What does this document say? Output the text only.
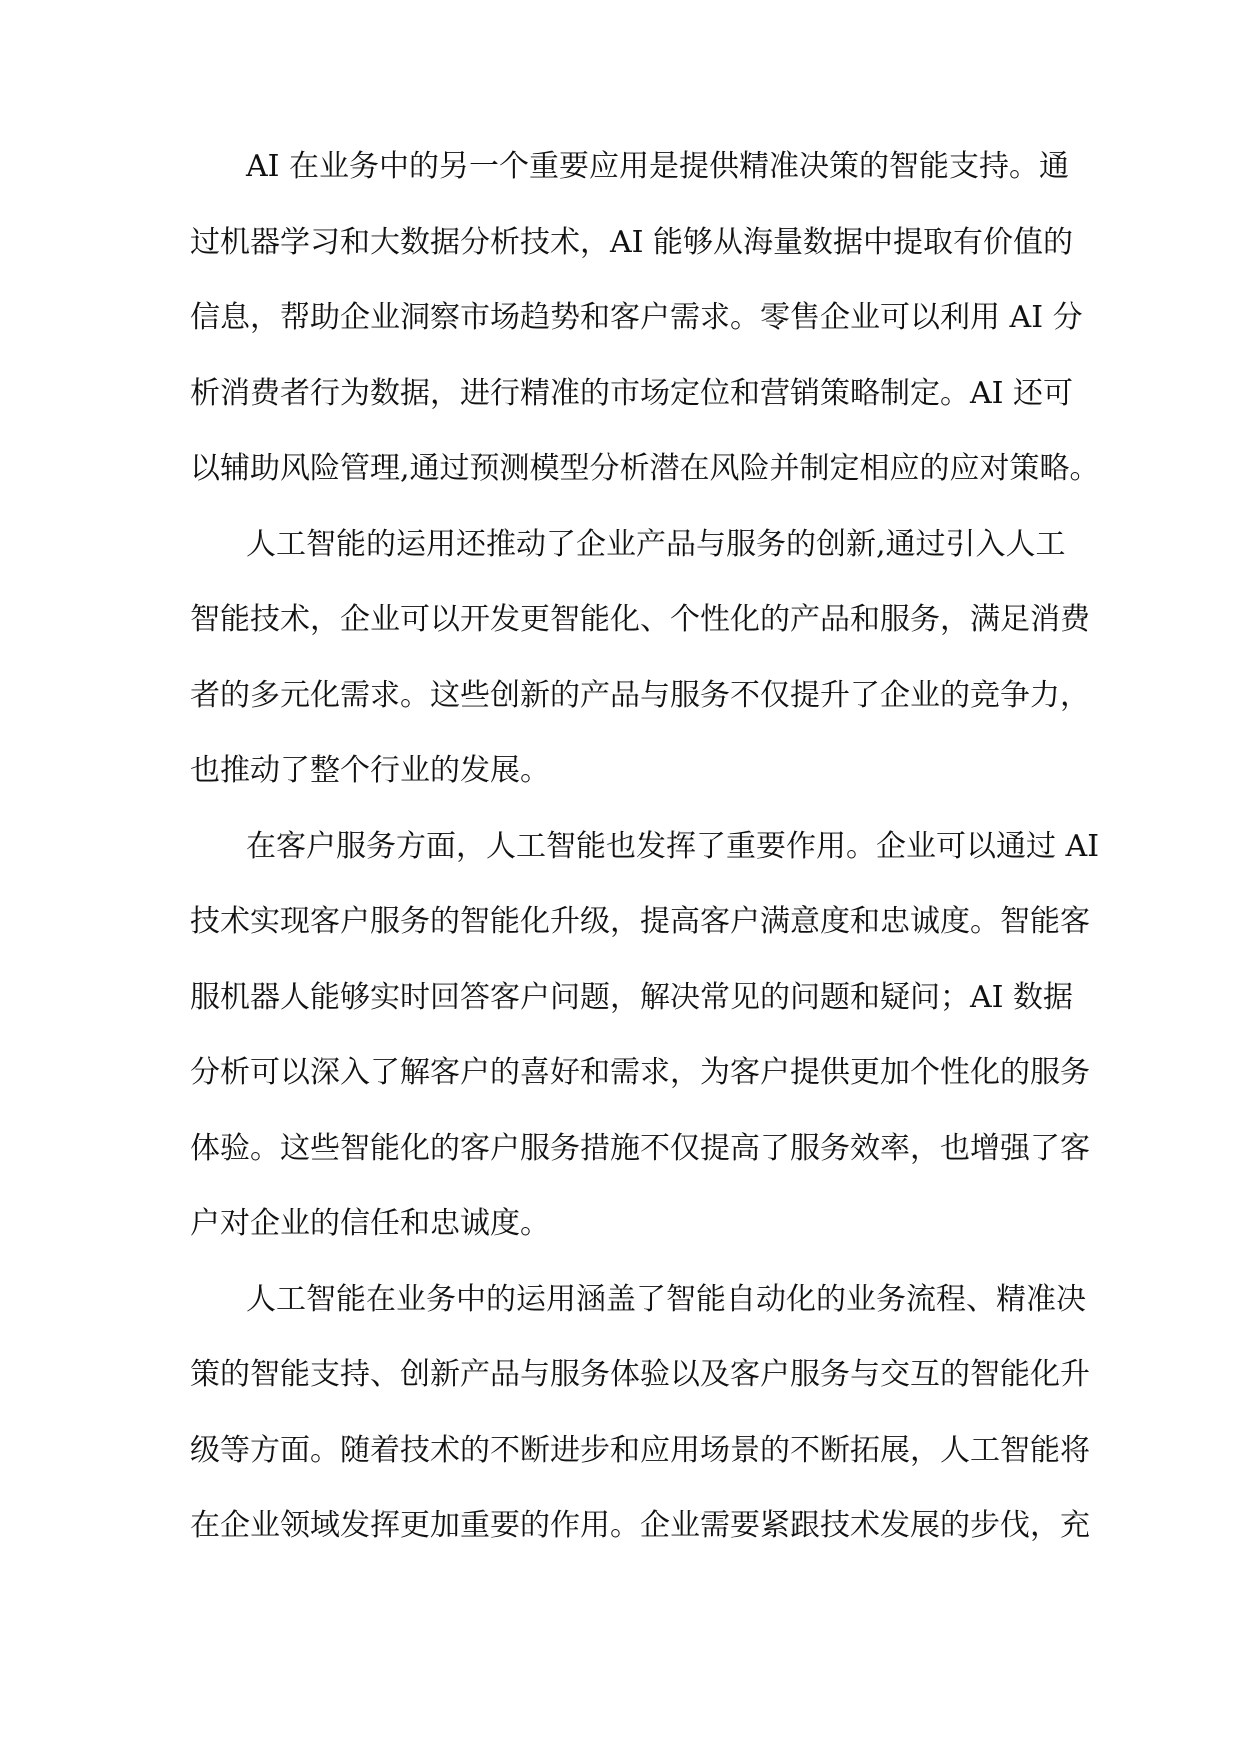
AI 在业务中的另一个重要应用是提供精准决策的智能支持。通
过机器学习和大数据分析技术，AI 能够从海量数据中提取有价值的
信息，帮助企业洞察市场趋势和客户需求。零售企业可以利用 AI 分
析消费者行为数据，进行精准的市场定位和营销策略制定。AI 还可
以辅助风险管理,通过预测模型分析潜在风险并制定相应的应对策略。
人工智能的运用还推动了企业产品与服务的创新,通过引入人工
智能技术，企业可以开发更智能化、个性化的产品和服务，满足消费
者的多元化需求。这些创新的产品与服务不仅提升了企业的竞争力，
也推动了整个行业的发展。
在客户服务方面，人工智能也发挥了重要作用。企业可以通过 AI
技术实现客户服务的智能化升级，提高客户满意度和忠诚度。智能客
服机器人能够实时回答客户问题，解决常见的问题和疑问；AI 数据
分析可以深入了解客户的喜好和需求，为客户提供更加个性化的服务
体验。这些智能化的客户服务措施不仅提高了服务效率，也增强了客
户对企业的信任和忠诚度。
人工智能在业务中的运用涵盖了智能自动化的业务流程、精准决
策的智能支持、创新产品与服务体验以及客户服务与交互的智能化升
级等方面。随着技术的不断进步和应用场景的不断拓展，人工智能将
在企业领域发挥更加重要的作用。企业需要紧跟技术发展的步伐，充
